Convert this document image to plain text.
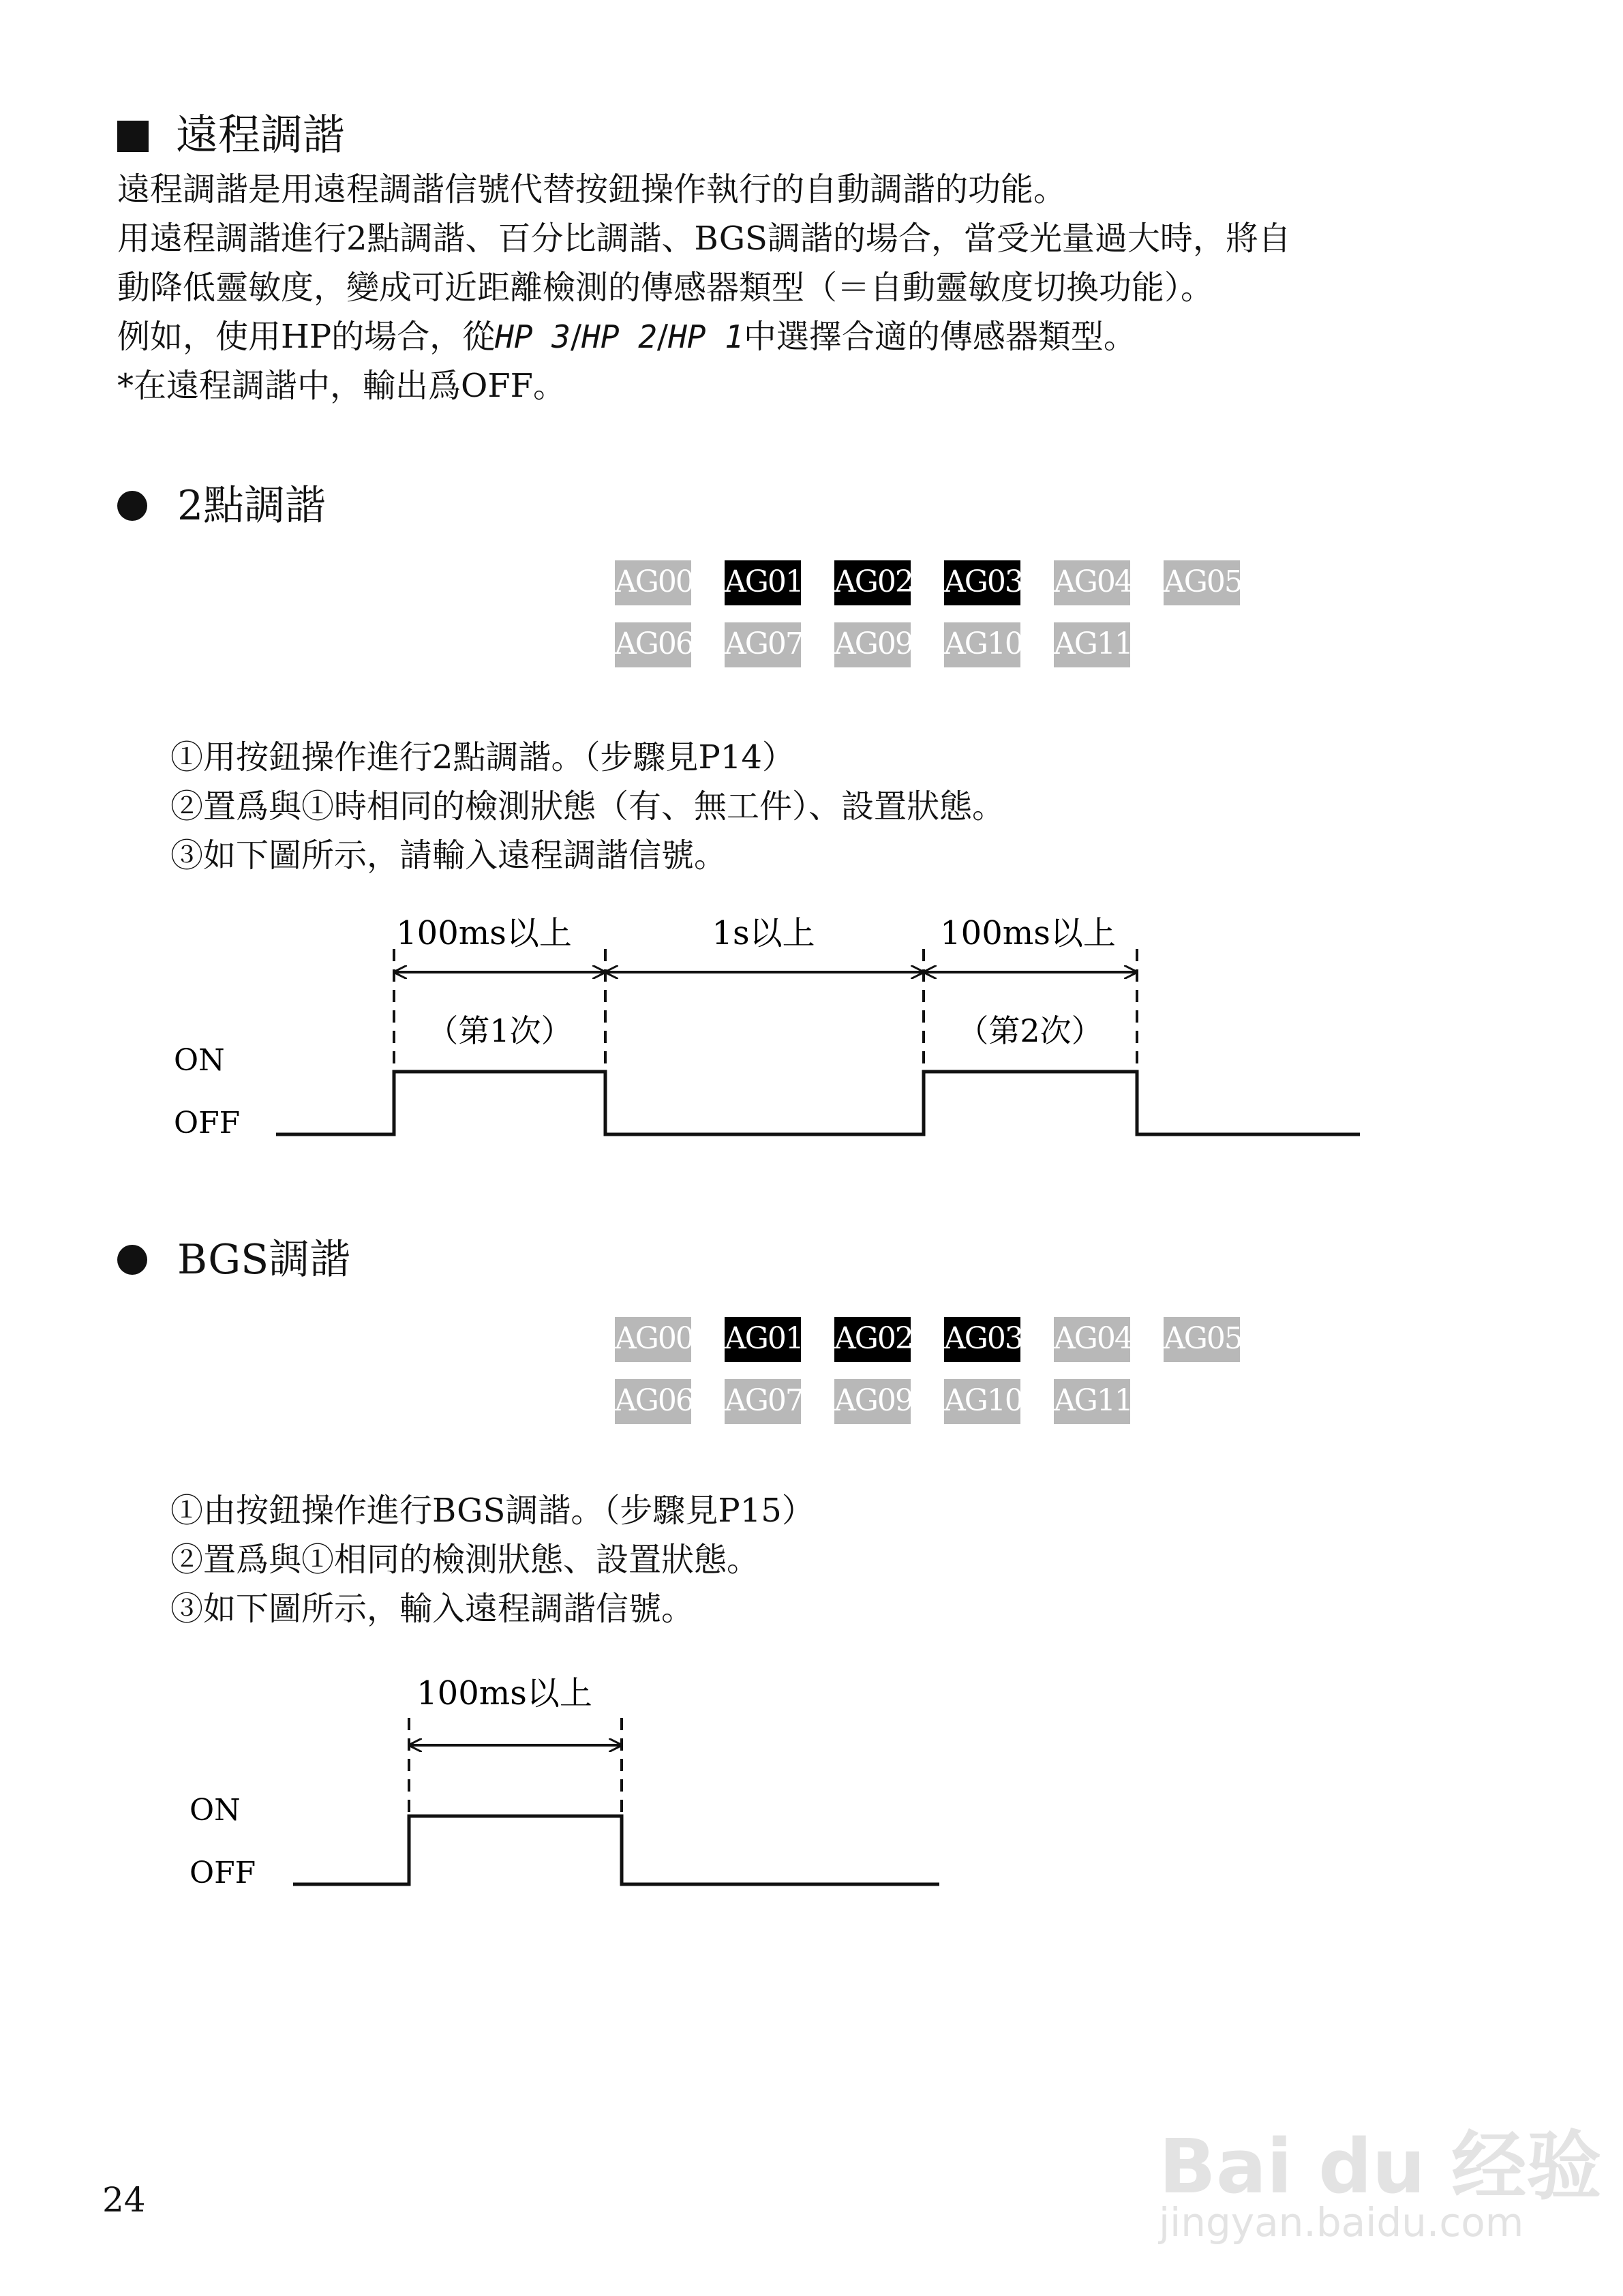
遠程調諧
遠程調諧是用遠程調諧信號代替按鈕操作執行的自動調諧的功能。
用遠程調諧進行2點調諧、百分比調諧、BGS調諧的場合，當受光量過大時，將自
動降低靈敏度，變成可近距離檢測的傳感器類型（＝自動靈敏度切換功能）。
例如，使用HP的場合，從HP 3/HP 2/HP 1中選擇合適的傳感器類型。
*在遠程調諧中，輸出爲OFF。
2點調諧
AG00 AG01 AG02 AG03 AG04 AG05
AG06 AG07 AG09 AG10 AG11
①用按鈕操作進行2點調諧。（步驟見P14）
②置爲與①時相同的檢測狀態（有、無工件）、設置狀態。
③如下圖所示，請輸入遠程調諧信號。
100ms以上	1s以上	100ms以上
（第1次）	（第2次）
ON
OFF
BGS調諧
AG00 AG01 AG02 AG03 AG04 AG05
AG06 AG07 AG09 AG10 AG11
①由按鈕操作進行BGS調諧。（步驟見P15）
②置爲與①相同的檢測狀態、設置狀態。
③如下圖所示，輸入遠程調諧信號。
100ms以上
ON
OFF
24	Bai du 经验
jingyan.baidu.com
